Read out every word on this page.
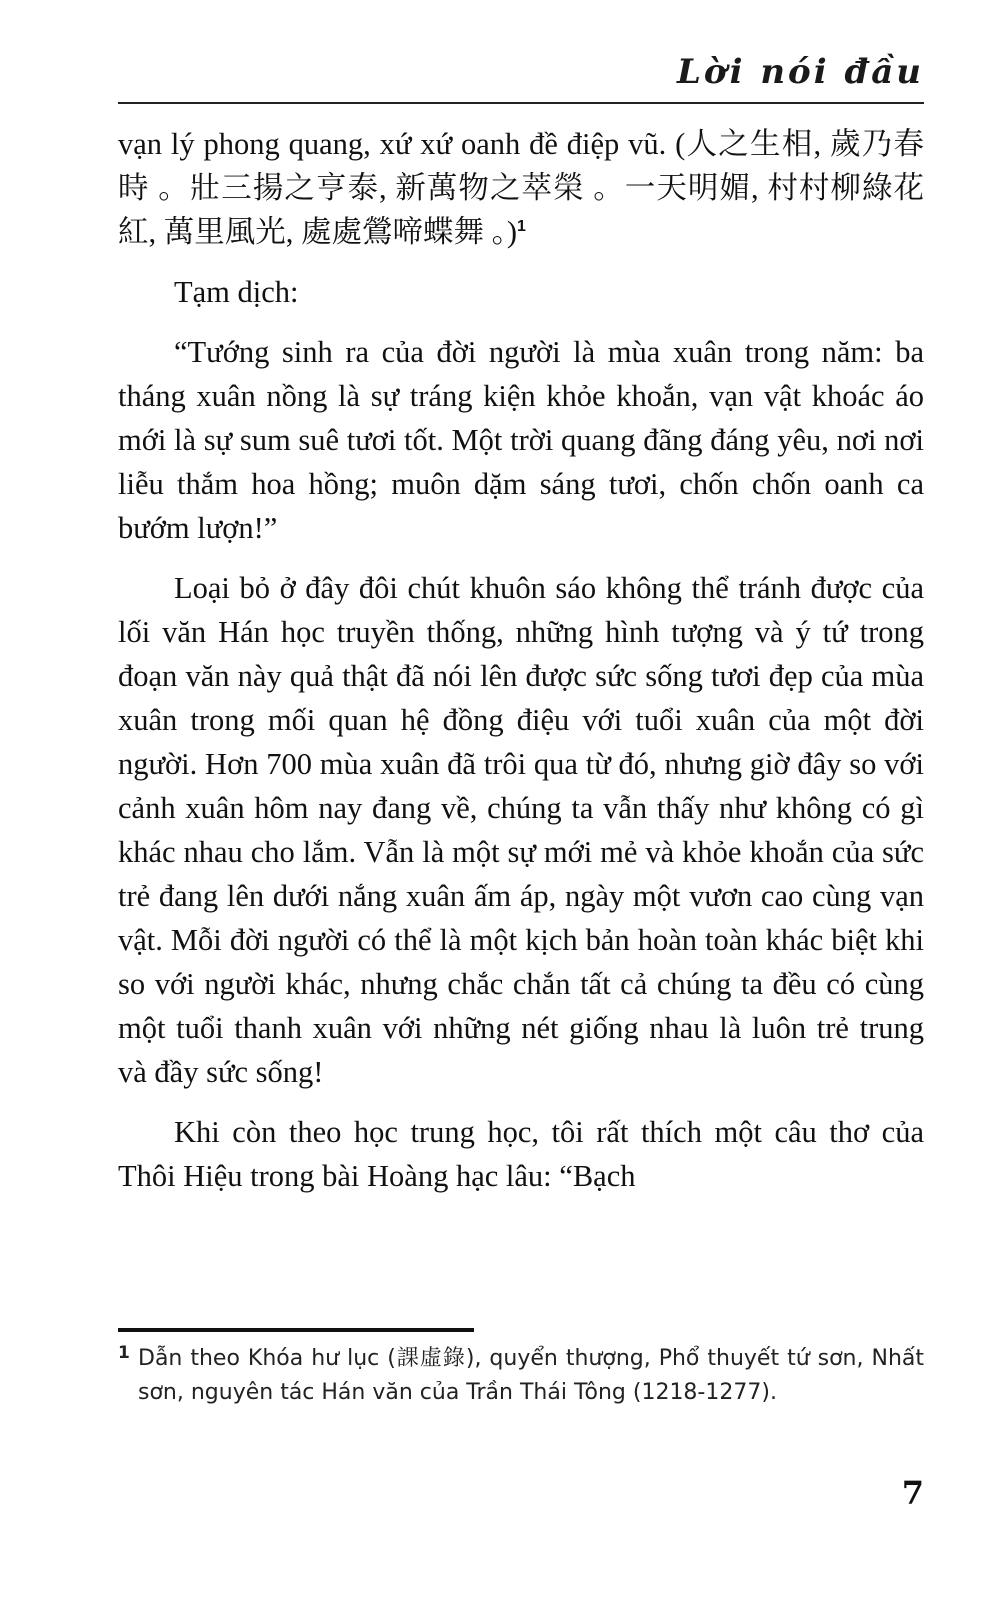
Lời nói đầu

vạn lý phong quang, xứ xứ oanh đề điệp vũ. (人之生相, 歲乃春時 。壯三揚之亨泰, 新萬物之萃榮 。一天明媚, 村村柳綠花紅, 萬里風光, 處處鶯啼蝶舞 。)$^1$

Tạm dịch:

“Tướng sinh ra của đời người là mùa xuân trong năm: ba tháng xuân nồng là sự tráng kiện khỏe khoắn, vạn vật khoác áo mới là sự sum suê tươi tốt. Một trời quang đãng đáng yêu, nơi nơi liễu thắm hoa hồng; muôn dặm sáng tươi, chốn chốn oanh ca bướm lượn!”

Loại bỏ ở đây đôi chút khuôn sáo không thể tránh được của lối văn Hán học truyền thống, những hình tượng và ý tứ trong đoạn văn này quả thật đã nói lên được sức sống tươi đẹp của mùa xuân trong mối quan hệ đồng điệu với tuổi xuân của một đời người. Hơn 700 mùa xuân đã trôi qua từ đó, nhưng giờ đây so với cảnh xuân hôm nay đang về, chúng ta vẫn thấy như không có gì khác nhau cho lắm. Vẫn là một sự mới mẻ và khỏe khoắn của sức trẻ đang lên dưới nắng xuân ấm áp, ngày một vươn cao cùng vạn vật. Mỗi đời người có thể là một kịch bản hoàn toàn khác biệt khi so với người khác, nhưng chắc chắn tất cả chúng ta đều có cùng một tuổi thanh xuân với những nét giống nhau là luôn trẻ trung và đầy sức sống!

Khi còn theo học trung học, tôi rất thích một câu thơ của Thôi Hiệu trong bài Hoàng hạc lâu: “Bạch

1 Dẫn theo Khóa hư lục (課虛錄), quyển thượng, Phổ thuyết tứ sơn, Nhất sơn, nguyên tác Hán văn của Trần Thái Tông (1218-1277).
7
